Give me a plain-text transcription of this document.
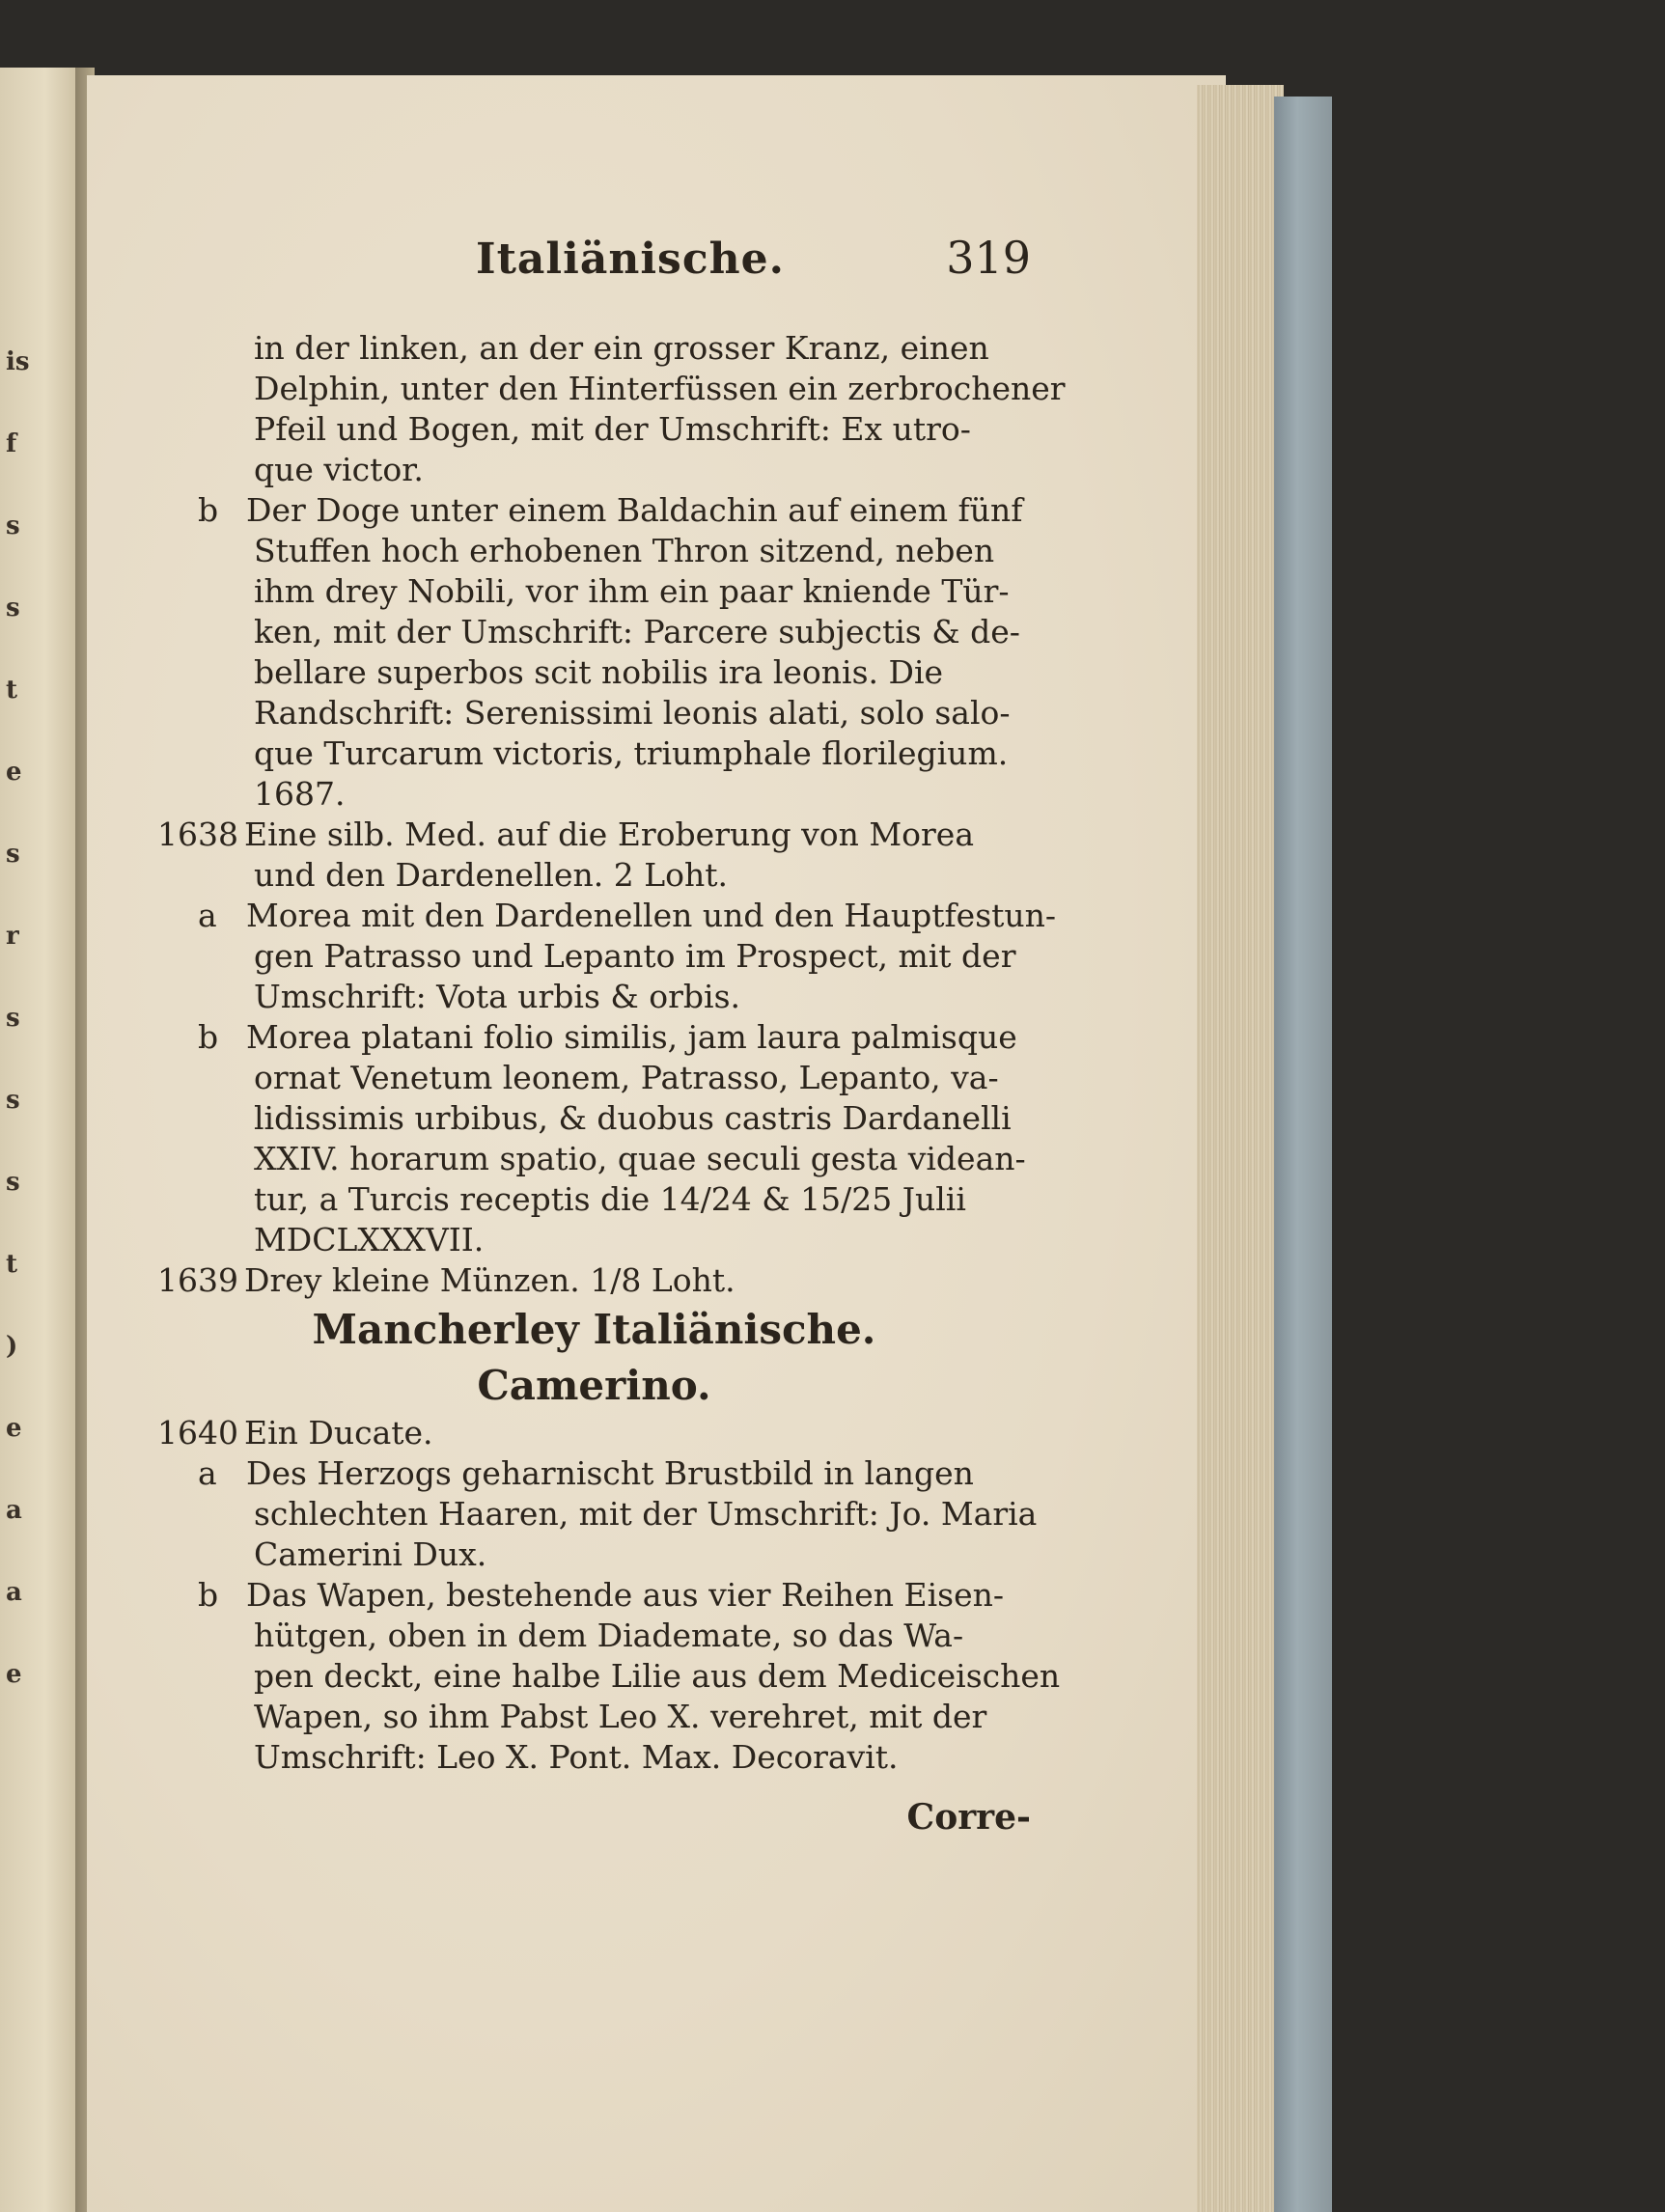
is
f
s
s
t
e
s
r
s
s
s
t
)
e
a
a
e
Italiänische.	319
in der linken, an der ein grosser Kranz, einen
Delphin, unter den Hinterfüssen ein zerbrochener
Pfeil und Bogen, mit der Umschrift: Ex utro-
que victor.
b Der Doge unter einem Baldachin auf einem fünf
Stuffen hoch erhobenen Thron sitzend, neben
ihm drey Nobili, vor ihm ein paar kniende Tür-
ken, mit der Umschrift: Parcere subjectis & de-
bellare superbos scit nobilis ira leonis. Die
Randschrift: Serenissimi leonis alati, solo salo-
que Turcarum victoris, triumphale florilegium.
1687.
1638 Eine silb. Med. auf die Eroberung von Morea
und den Dardenellen. 2 Loht.
a Morea mit den Dardenellen und den Hauptfestun-
gen Patrasso und Lepanto im Prospect, mit der
Umschrift: Vota urbis & orbis.
b Morea platani folio similis, jam laura palmisque
ornat Venetum leonem, Patrasso, Lepanto, va-
lidissimis urbibus, & duobus castris Dardanelli
XXIV. horarum spatio, quae seculi gesta videan-
tur, a Turcis receptis die 14/24 & 15/25 Julii
MDCLXXXVII.
1639 Drey kleine Münzen. 1/8 Loht.
Mancherley Italiänische.
Camerino.
1640 Ein Ducate.
a Des Herzogs geharnischt Brustbild in langen
schlechten Haaren, mit der Umschrift: Jo. Maria
Camerini Dux.
b Das Wapen, bestehende aus vier Reihen Eisen-
hütgen, oben in dem Diademate, so das Wa-
pen deckt, eine halbe Lilie aus dem Mediceischen
Wapen, so ihm Pabst Leo X. verehret, mit der
Umschrift: Leo X. Pont. Max. Decoravit.
Corre-
